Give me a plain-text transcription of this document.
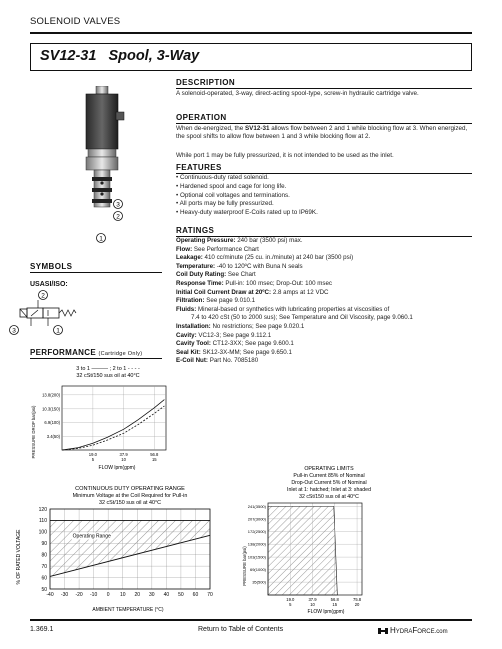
SOLENOID VALVES
SV12-31 Spool, 3-Way
3
2
1
DESCRIPTION
A solenoid-operated, 3-way, direct-acting spool-type, screw-in hydraulic cartridge valve.
OPERATION
When de-energized, the SV12-31 allows flow between 2 and 1 while blocking flow at 3. When energized, the spool shifts to allow flow between 1 and 3 while blocking flow at 2.
While port 1 may be fully pressurized, it is not intended to be used as the inlet.
FEATURES
• Continuous-duty rated solenoid.
• Hardened spool and cage for long life.
• Optional coil voltages and terminations.
• All ports may be fully pressurized.
• Heavy-duty waterproof E-Coils rated up to IP69K.
RATINGS
Operating Pressure: 240 bar (3500 psi) max.
Flow: See Performance Chart
Leakage: 410 cc/minute (25 cu. in./minute) at 240 bar (3500 psi)
Temperature: -40 to 120ºC with Buna N seals
Coil Duty Rating: See Chart
Response Time: Pull-in: 100 msec; Drop-Out: 100 msec
Initial Coil Current Draw at 20ºC: 2.8 amps at 12 VDC
Filtration: See page 9.010.1
Fluids: Mineral-based or synthetics with lubricating properties at viscosities of
7.4 to 420 cSt (50 to 2000 sus); See Temperature and Oil Viscosity, page 9.060.1
Installation: No restrictions; See page 9.020.1
Cavity: VC12-3; See page 9.112.1
Cavity Tool: CT12-3XX; See page 9.600.1
Seal Kit: SK12-3X-MM; See page 9.650.1
E-Coil Nut: Part No. 7085180
SYMBOLS
USASI/ISO:
2
3	1
PERFORMANCE (Cartridge Only)
3 to 1 ——— ; 2 to 1 - - - -
32 cSt/150 sus oil at 40°C
13.8(200)
10.3(150)
6.9(100)
3.4(50)
19.0
5
37.9
10
56.8
15
PRESSURE DROP bar(psi)
FLOW lpm(gpm)
CONTINUOUS DUTY OPERATING RANGE
Minimum Voltage at the Coil Required for Pull-in
32 cSt/150 sus oil at 40°C
120
110
100
90
80
70
60
50
-40 -30 -20 -10 0 10 20 30 40 50 60 70
Operating Range
% OF RATED VOLTAGE
AMBIENT TEMPERATURE (°C)
OPERATING LIMITS
Pull-in Current 85% of Nominal
Drop-Out Current 5% of Nominal
Inlet at 1: hatched; Inlet at 3: shaded
32 cSt/150 sus oil at 40°C
241(3500)
207(3000)
172(2500)
138(2000)
103(1500)
69(1000)
35(500)
19.0
5
37.9
10
56.8
15
75.8
20
PRESSURE bar(psi)
FLOW lpm(gpm)
1.369.1	Return to Table of Contents	HYDRAFORCE.com
